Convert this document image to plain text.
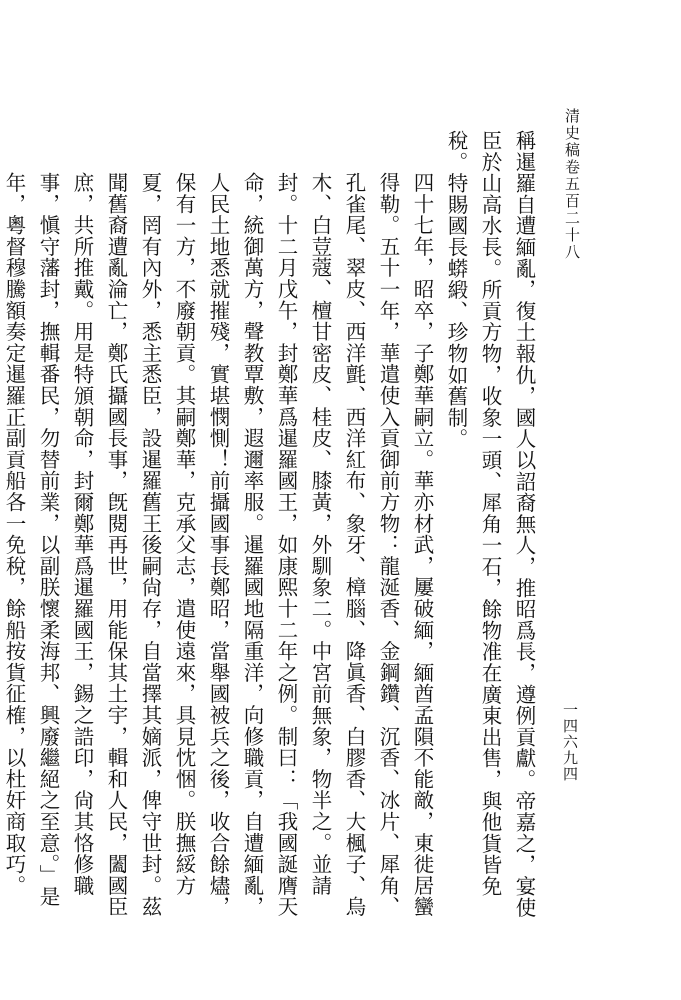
清史稿卷五百二十八
一四六九四

稱暹羅自遭緬亂，復土報仇，國人以詔裔無人，推昭爲長，遵例貢獻。帝嘉之，宴使臣於山高水長。所貢方物，收象一頭、犀角一石，餘物准在廣東出售，與他貨皆免稅。特賜國長蟒緞、珍物如舊制。

四十七年，昭卒，子鄭華嗣立。華亦材武，屢破緬，緬酋孟隕不能敵，東徙居蠻得勒。五十一年，華遣使入貢御前方物：龍涎香、金鋼鑽、沉香、冰片、犀角、孔雀尾、翠皮、西洋氈、西洋紅布、象牙、樟腦、降眞香、白膠香、大楓子、烏木、白荳蔻、檀甘密皮、桂皮、膝黃，外馴象二。中宮前無象，物半之。並請封。十二月戊午，封鄭華爲暹羅國王，如康熙十二年之例。制曰：「我國誕膺天命，統御萬方，聲教覃敷，遐邇率服。暹羅國地隔重洋，向修職貢，自遭緬亂，人民土地悉就摧殘，實堪憫惻！前攝國事長鄭昭，當舉國被兵之後，收合餘燼，保有一方，不廢朝貢。其嗣鄭華，克承父志，遣使遠來，具見忱悃。朕撫綏方夏，罔有內外，悉主悉臣，設暹羅舊王後嗣尙存，自當擇其嫡派，俾守世封。茲聞舊裔遭亂淪亡，鄭氏攝國長事，旣閱再世，用能保其土宇，輯和人民，闔國臣庶，共所推戴。用是特頒朝命，封爾鄭華爲暹羅國王，錫之誥印，尙其恪修職事，愼守藩封，撫輯番民，勿替前業，以副朕懷柔海邦、興廢繼絕之至意。」是年，粵督穆騰額奏定暹羅正副貢船各一免稅，餘船按貨征榷，以杜奸商取巧。
